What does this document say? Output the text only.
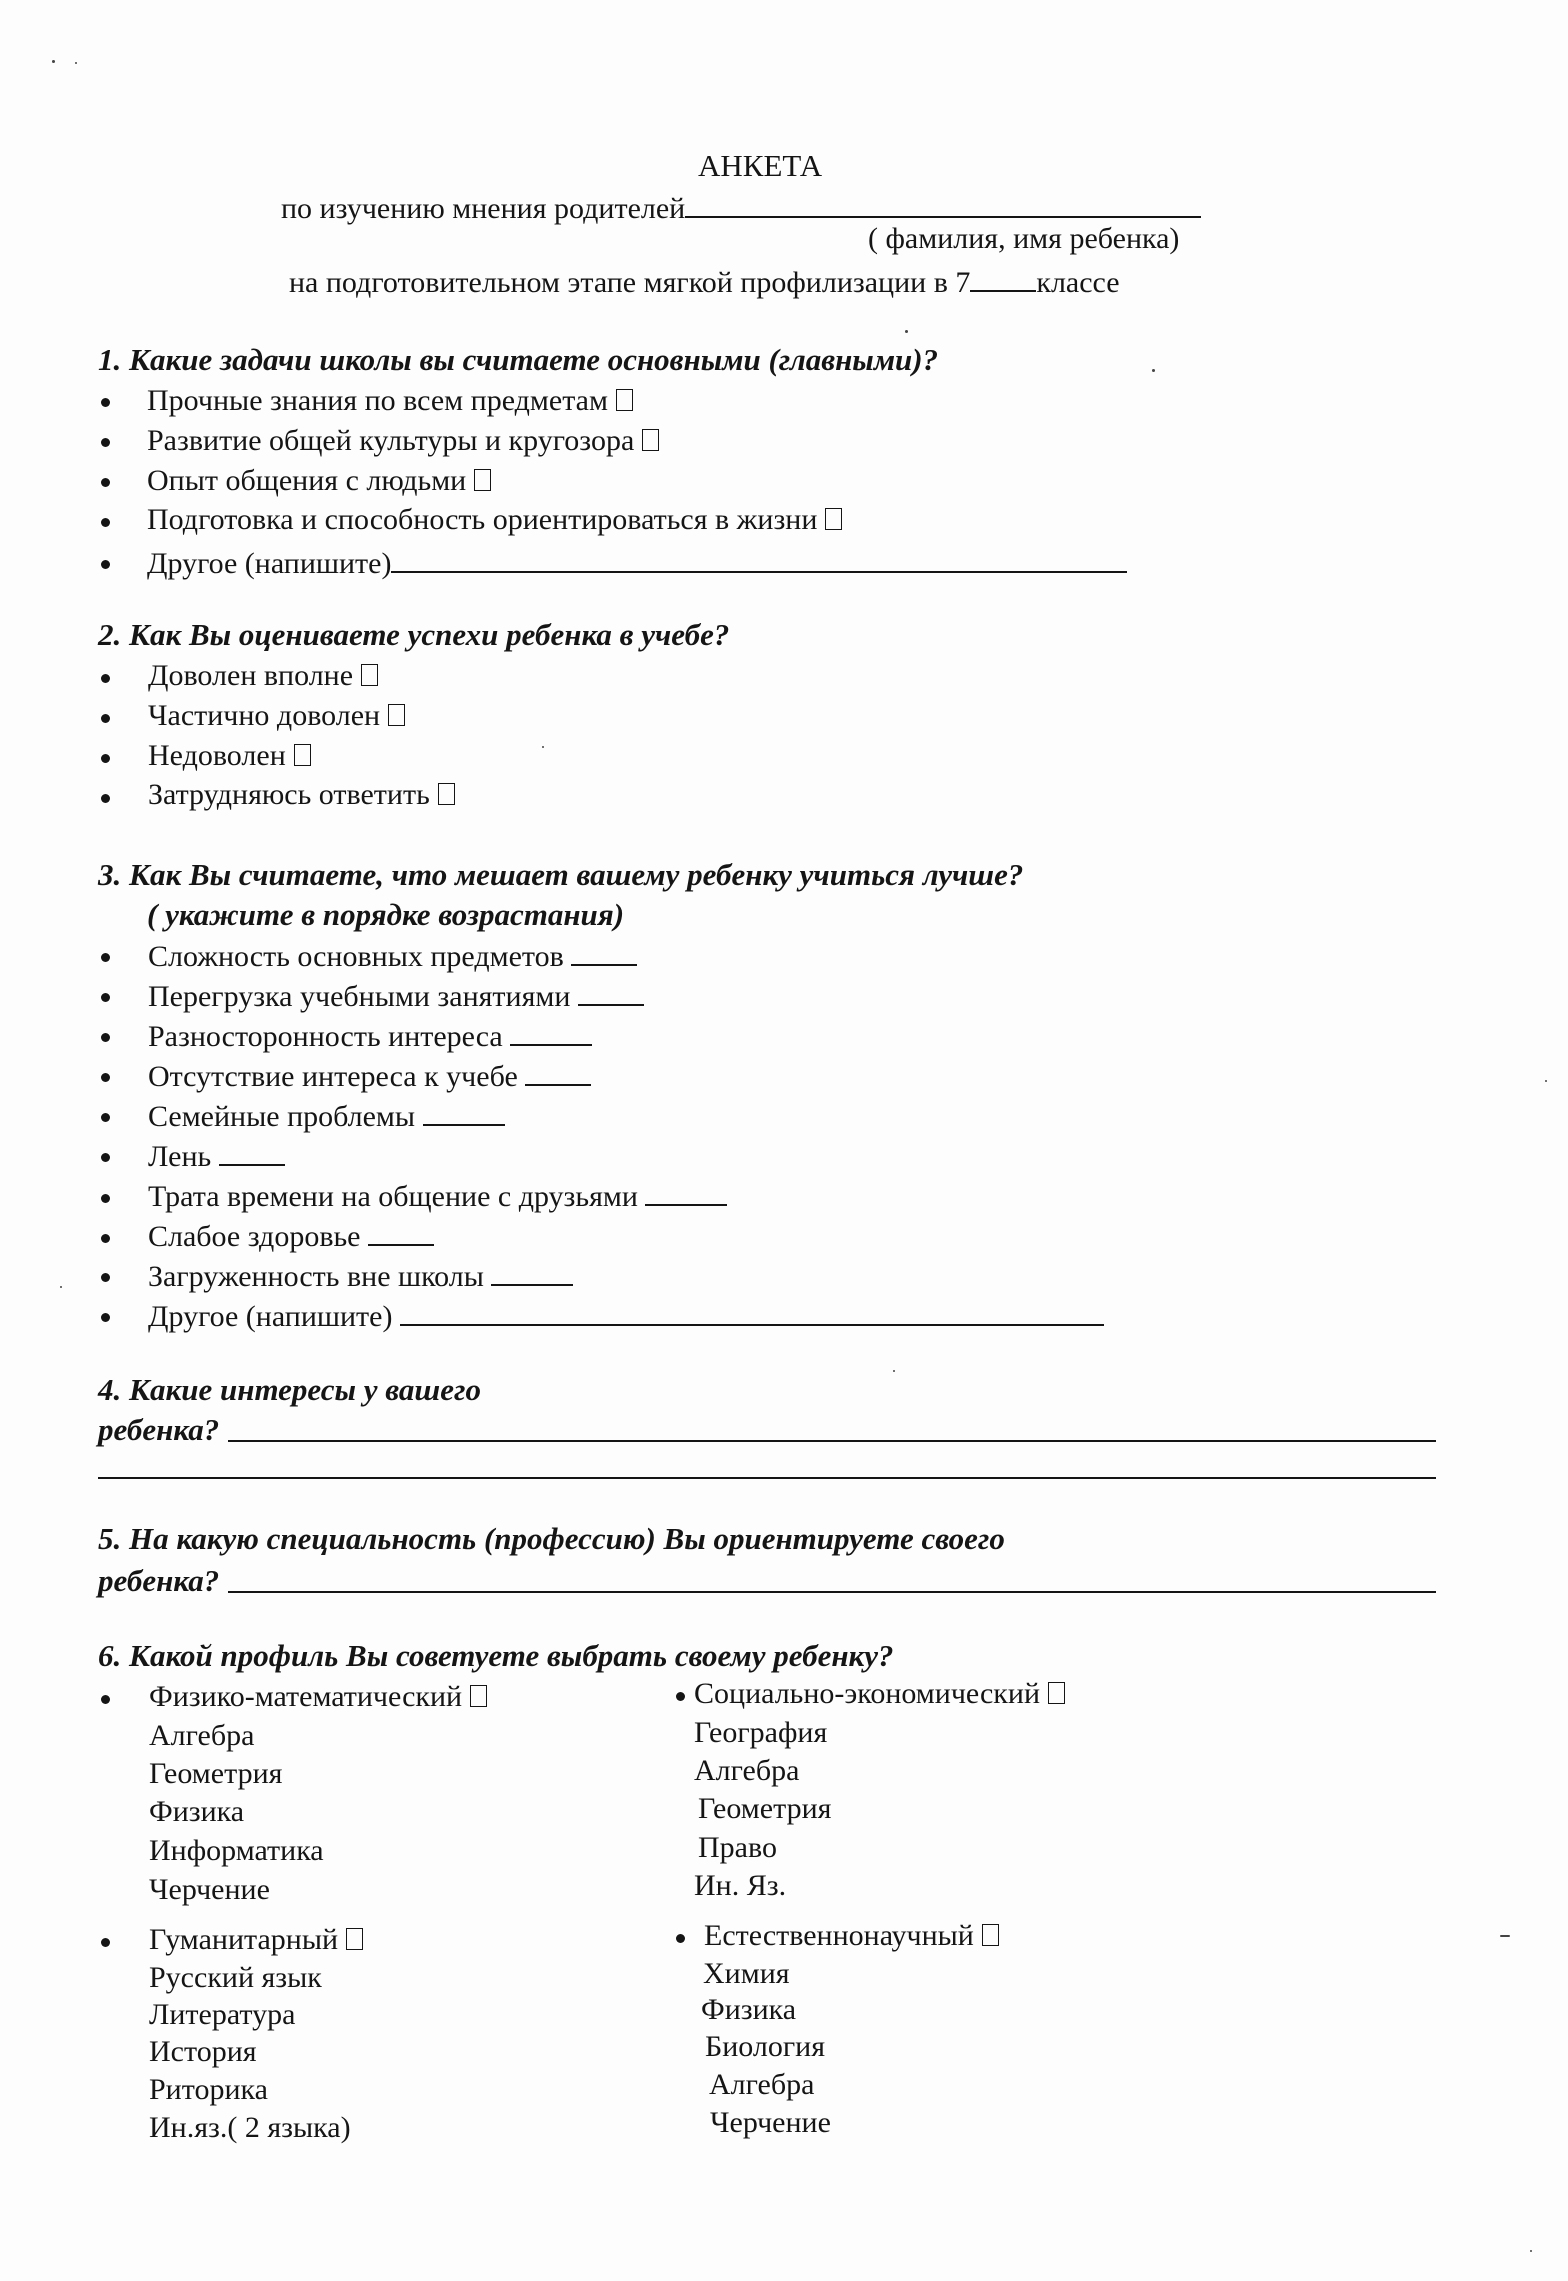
АНКЕТА
по изучению мнения родителей
( фамилия, имя ребенка)
на подготовительном этапе мягкой профилизации в 7 классе
1. Какие задачи школы вы считаете основными (главными)?
Прочные знания по всем предметам
Развитие общей культуры и кругозора
Опыт общения с людьми
Подготовка и способность ориентироваться в жизни
Другое (напишите)
2. Как Вы оцениваете успехи ребенка в учебе?
Доволен вполне
Частично доволен
Недоволен
Затрудняюсь ответить
3. Как Вы считаете, что мешает вашему ребенку учиться лучше?
( укажите в порядке возрастания)
Сложность основных предметов
Перегрузка учебными занятиями
Разносторонность интереса
Отсутствие интереса к учебе
Семейные проблемы
Лень
Трата времени на общение с друзьями
Слабое здоровье
Загруженность вне школы
Другое (напишите)
4. Какие интересы у вашего
ребенка?
5. На какую специальность (профессию) Вы ориентируете своего
ребенка?
6. Какой профиль Вы советуете выбрать своему ребенку?
Физико-математический
Алгебра
Геометрия
Физика
Информатика
Черчение
Социально-экономический
География
Алгебра
Геометрия
Право
Ин. Яз.
Гуманитарный
Русский язык
Литература
История
Риторика
Ин.яз.( 2 языка)
Естественнонаучный
Химия
Физика
Биология
Алгебра
Черчение
